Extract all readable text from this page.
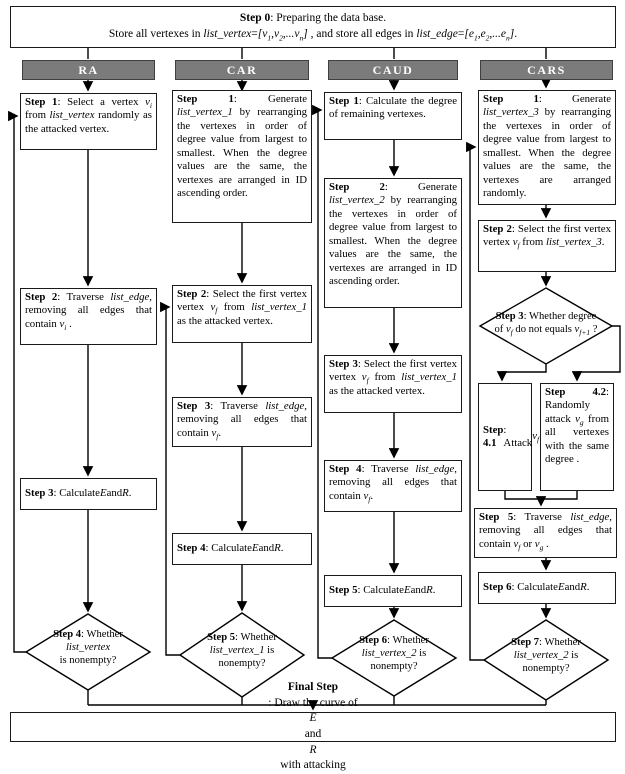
Step 0: Preparing the data base.
Store all vertexes in $list\_vertex=[v_1,v_2,...v_n]$ , and store all edges in $list\_edge=[e_1,e_2,...e_n]$.
RA	CAR	CAUD	CARS
Step 1: Select a vertex $v_i$ from list_vertex randomly as the attacked vertex.
Step 2: Traverse list_edge, removing all edges that contain $v_i$ .
Step 3 : Calculate E and R .
Step 4: Whether
list_vertex
is nonempty?
Step 1: Generate list_vertex_1 by rearranging the vertexes in order of degree value from largest to smallest. When the degree values are the same, the vertexes are arranged in ID ascending order.
Step 2: Select the first vertex vertex $v_f$ from list_vertex_1 as the attacked vertex.
Step 3: Traverse list_edge, removing all edges that contain $v_f$.
Step 4 : Calculate E and R .
Step 5: Whether
list_vertex_1 is
nonempty?
Step 1: Calculate the degree of remaining vertexes.
Step 2: Generate list_vertex_2 by rearranging the vertexes in order of degree value from largest to smallest. When the degree values are the same, the vertexes are arranged in ID ascending order.
Step 3: Select the first vertex vertex $v_f$ from list_vertex_1 as the attacked vertex.
Step 4: Traverse list_edge, removing all edges that contain $v_f$.
Step 5 : Calculate E and R .
Step 6: Whether
list_vertex_2 is
nonempty?
Step 1: Generate list_vertex_3 by rearranging the vertexes in order of degree value from largest to smallest. When the degree values are the same, the vertexes are arranged randomly.
Step 2: Select the first vertex vertex $v_f$ from list_vertex_3.
Step 3: Whether degree
of $v_f$ do not equals $v_{f+1}$ ?
Step 4.1
: Attack
$v_f$
Step 4.2: Randomly attack $v_g$ from all vertexes with the same degree .
Step 5: Traverse list_edge, removing all edges that contain $v_f$ or $v_g$ .
Step 6 : Calculate E and R .
Step 7: Whether
list_vertex_2 is
nonempty?
Final Step
: Draw the curve of
E
and
R
with attacking
